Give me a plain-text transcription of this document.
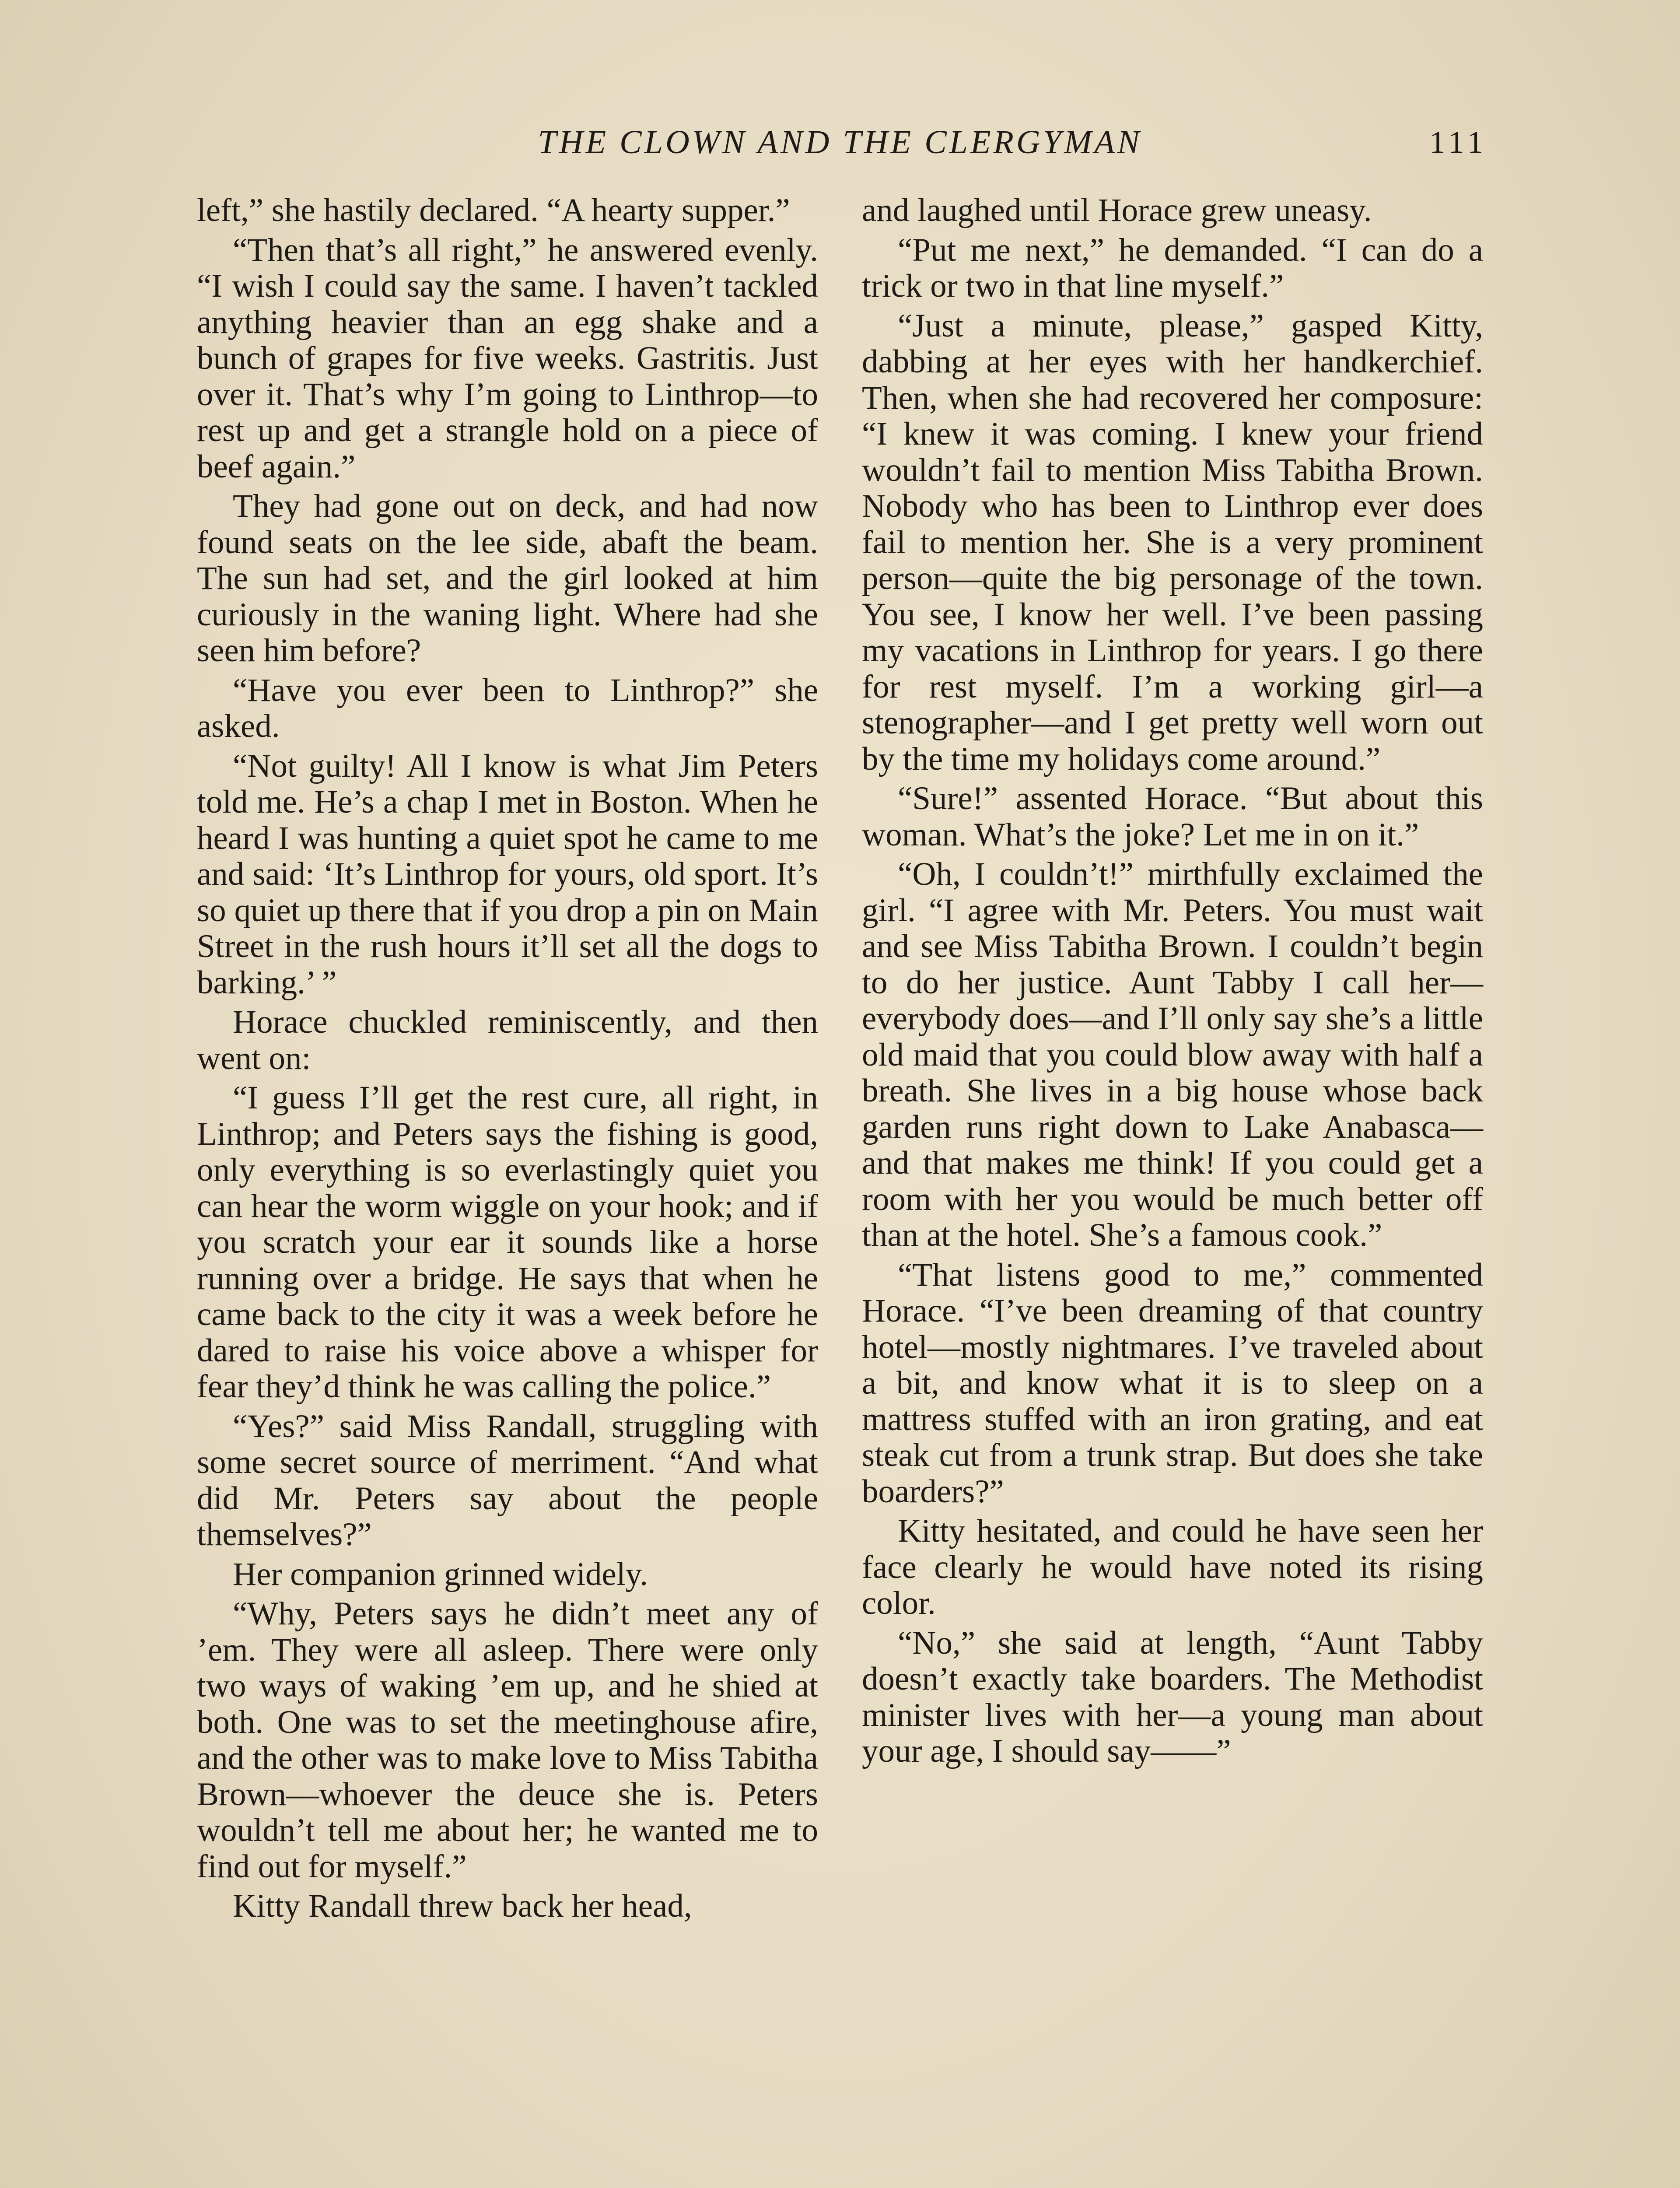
THE CLOWN AND THE CLERGYMAN	111

left,” she hastily declared. “A hearty supper.”

“Then that’s all right,” he answered evenly. “I wish I could say the same. I haven’t tackled anything heavier than an egg shake and a bunch of grapes for five weeks. Gastritis. Just over it. That’s why I’m going to Linthrop—to rest up and get a strangle hold on a piece of beef again.”

They had gone out on deck, and had now found seats on the lee side, abaft the beam. The sun had set, and the girl looked at him curiously in the waning light. Where had she seen him before?

“Have you ever been to Linthrop?” she asked.

“Not guilty! All I know is what Jim Peters told me. He’s a chap I met in Boston. When he heard I was hunting a quiet spot he came to me and said: ‘It’s Linthrop for yours, old sport. It’s so quiet up there that if you drop a pin on Main Street in the rush hours it’ll set all the dogs to barking.’ ”

Horace chuckled reminiscently, and then went on:

“I guess I’ll get the rest cure, all right, in Linthrop; and Peters says the fishing is good, only everything is so everlastingly quiet you can hear the worm wiggle on your hook; and if you scratch your ear it sounds like a horse running over a bridge. He says that when he came back to the city it was a week before he dared to raise his voice above a whisper for fear they’d think he was calling the police.”

“Yes?” said Miss Randall, struggling with some secret source of merriment. “And what did Mr. Peters say about the people themselves?”

Her companion grinned widely.

“Why, Peters says he didn’t meet any of ’em. They were all asleep. There were only two ways of waking ’em up, and he shied at both. One was to set the meetinghouse afire, and the other was to make love to Miss Tabitha Brown—whoever the deuce she is. Peters wouldn’t tell me about her; he wanted me to find out for myself.”

Kitty Randall threw back her head,

and laughed until Horace grew uneasy.

“Put me next,” he demanded. “I can do a trick or two in that line myself.”

“Just a minute, please,” gasped Kitty, dabbing at her eyes with her handkerchief. Then, when she had recovered her composure: “I knew it was coming. I knew your friend wouldn’t fail to mention Miss Tabitha Brown. Nobody who has been to Linthrop ever does fail to mention her. She is a very prominent person—quite the big personage of the town. You see, I know her well. I’ve been passing my vacations in Linthrop for years. I go there for rest myself. I’m a working girl—a stenographer—and I get pretty well worn out by the time my holidays come around.”

“Sure!” assented Horace. “But about this woman. What’s the joke? Let me in on it.”

“Oh, I couldn’t!” mirthfully exclaimed the girl. “I agree with Mr. Peters. You must wait and see Miss Tabitha Brown. I couldn’t begin to do her justice. Aunt Tabby I call her—everybody does—and I’ll only say she’s a little old maid that you could blow away with half a breath. She lives in a big house whose back garden runs right down to Lake Anabasca—and that makes me think! If you could get a room with her you would be much better off than at the hotel. She’s a famous cook.”

“That listens good to me,” commented Horace. “I’ve been dreaming of that country hotel—mostly nightmares. I’ve traveled about a bit, and know what it is to sleep on a mattress stuffed with an iron grating, and eat steak cut from a trunk strap. But does she take boarders?”

Kitty hesitated, and could he have seen her face clearly he would have noted its rising color.

“No,” she said at length, “Aunt Tabby doesn’t exactly take boarders. The Methodist minister lives with her—a young man about your age, I should say——”
